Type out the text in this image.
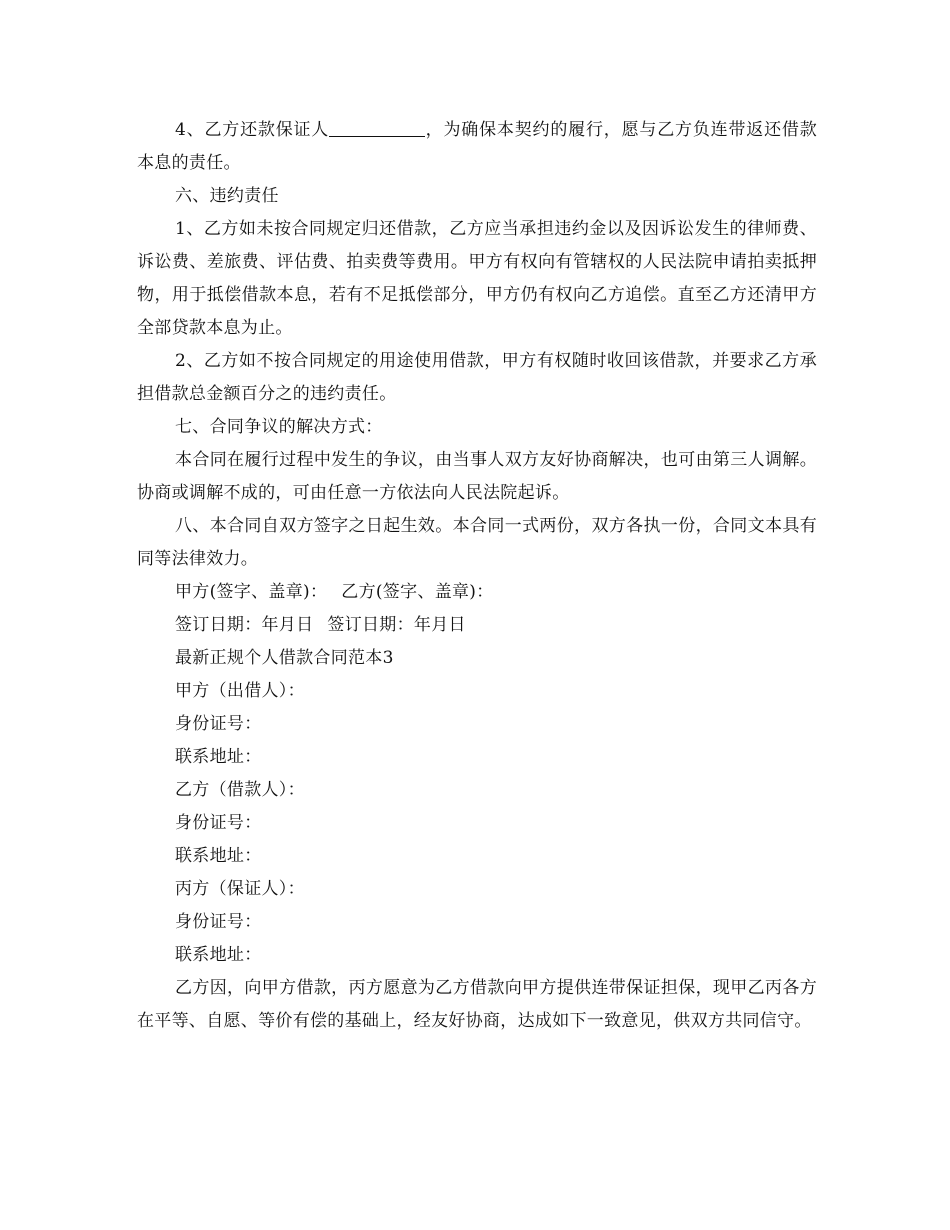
4、乙方还款保证人	，为确保本契约的履行，愿与乙方负连带返还借款本息的责任。

六、违约责任

1、乙方如未按合同规定归还借款，乙方应当承担违约金以及因诉讼发生的律师费、诉讼费、差旅费、评估费、拍卖费等费用。甲方有权向有管辖权的人民法院申请拍卖抵押物，用于抵偿借款本息，若有不足抵偿部分，甲方仍有权向乙方追偿。直至乙方还清甲方全部贷款本息为止。

2、乙方如不按合同规定的用途使用借款，甲方有权随时收回该借款，并要求乙方承担借款总金额百分之的违约责任。

七、合同争议的解决方式：

本合同在履行过程中发生的争议，由当事人双方友好协商解决，也可由第三人调解。协商或调解不成的，可由任意一方依法向人民法院起诉。

八、本合同自双方签字之日起生效。本合同一式两份，双方各执一份，合同文本具有同等法律效力。

甲方(签字、盖章)： 乙方(签字、盖章)：

签订日期：年月日 签订日期：年月日

最新正规个人借款合同范本3

甲方（出借人）：

身份证号：

联系地址：

乙方（借款人）：

身份证号：

联系地址：

丙方（保证人）：

身份证号：

联系地址：

乙方因，向甲方借款，丙方愿意为乙方借款向甲方提供连带保证担保，现甲乙丙各方在平等、自愿、等价有偿的基础上，经友好协商，达成如下一致意见，供双方共同信守。
